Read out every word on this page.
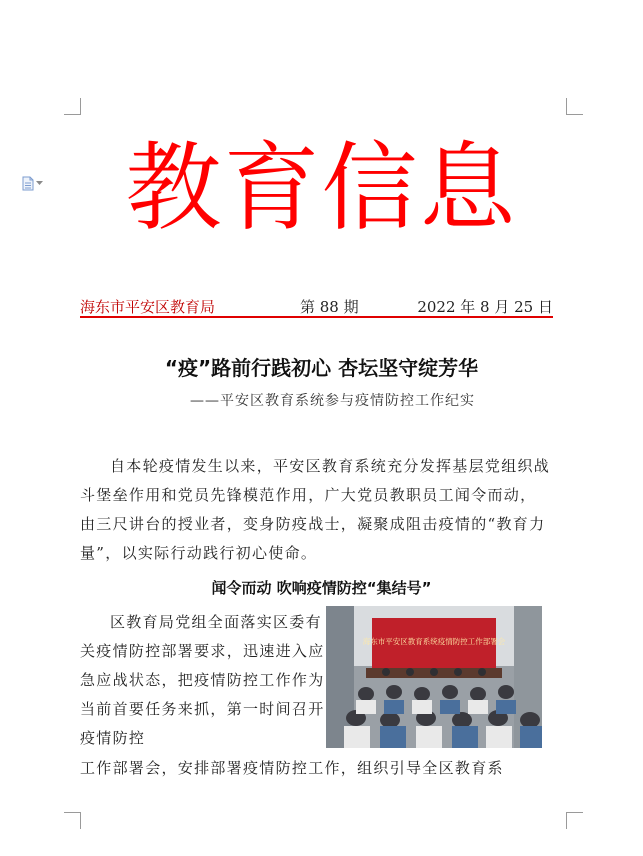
教育信息
海东市平安区教育局	第 88 期	2022 年 8 月 25 日
“疫”路前行践初心 杏坛坚守绽芳华
——平安区教育系统参与疫情防控工作纪实

自本轮疫情发生以来，平安区教育系统充分发挥基层党组织战斗堡垒作用和党员先锋模范作用，广大党员教职员工闻令而动，由三尺讲台的授业者，变身防疫战士，凝聚成阻击疫情的“教育力量”，以实际行动践行初心使命。

闻令而动 吹响疫情防控“集结号”

区教育局党组全面落实区委有关疫情防控部署要求，迅速进入应急应战状态，把疫情防控工作作为当前首要任务来抓，第一时间召开疫情防控

海东市平安区教育系统疫情防控工作部署会

工作部署会，安排部署疫情防控工作，组织引导全区教育系
